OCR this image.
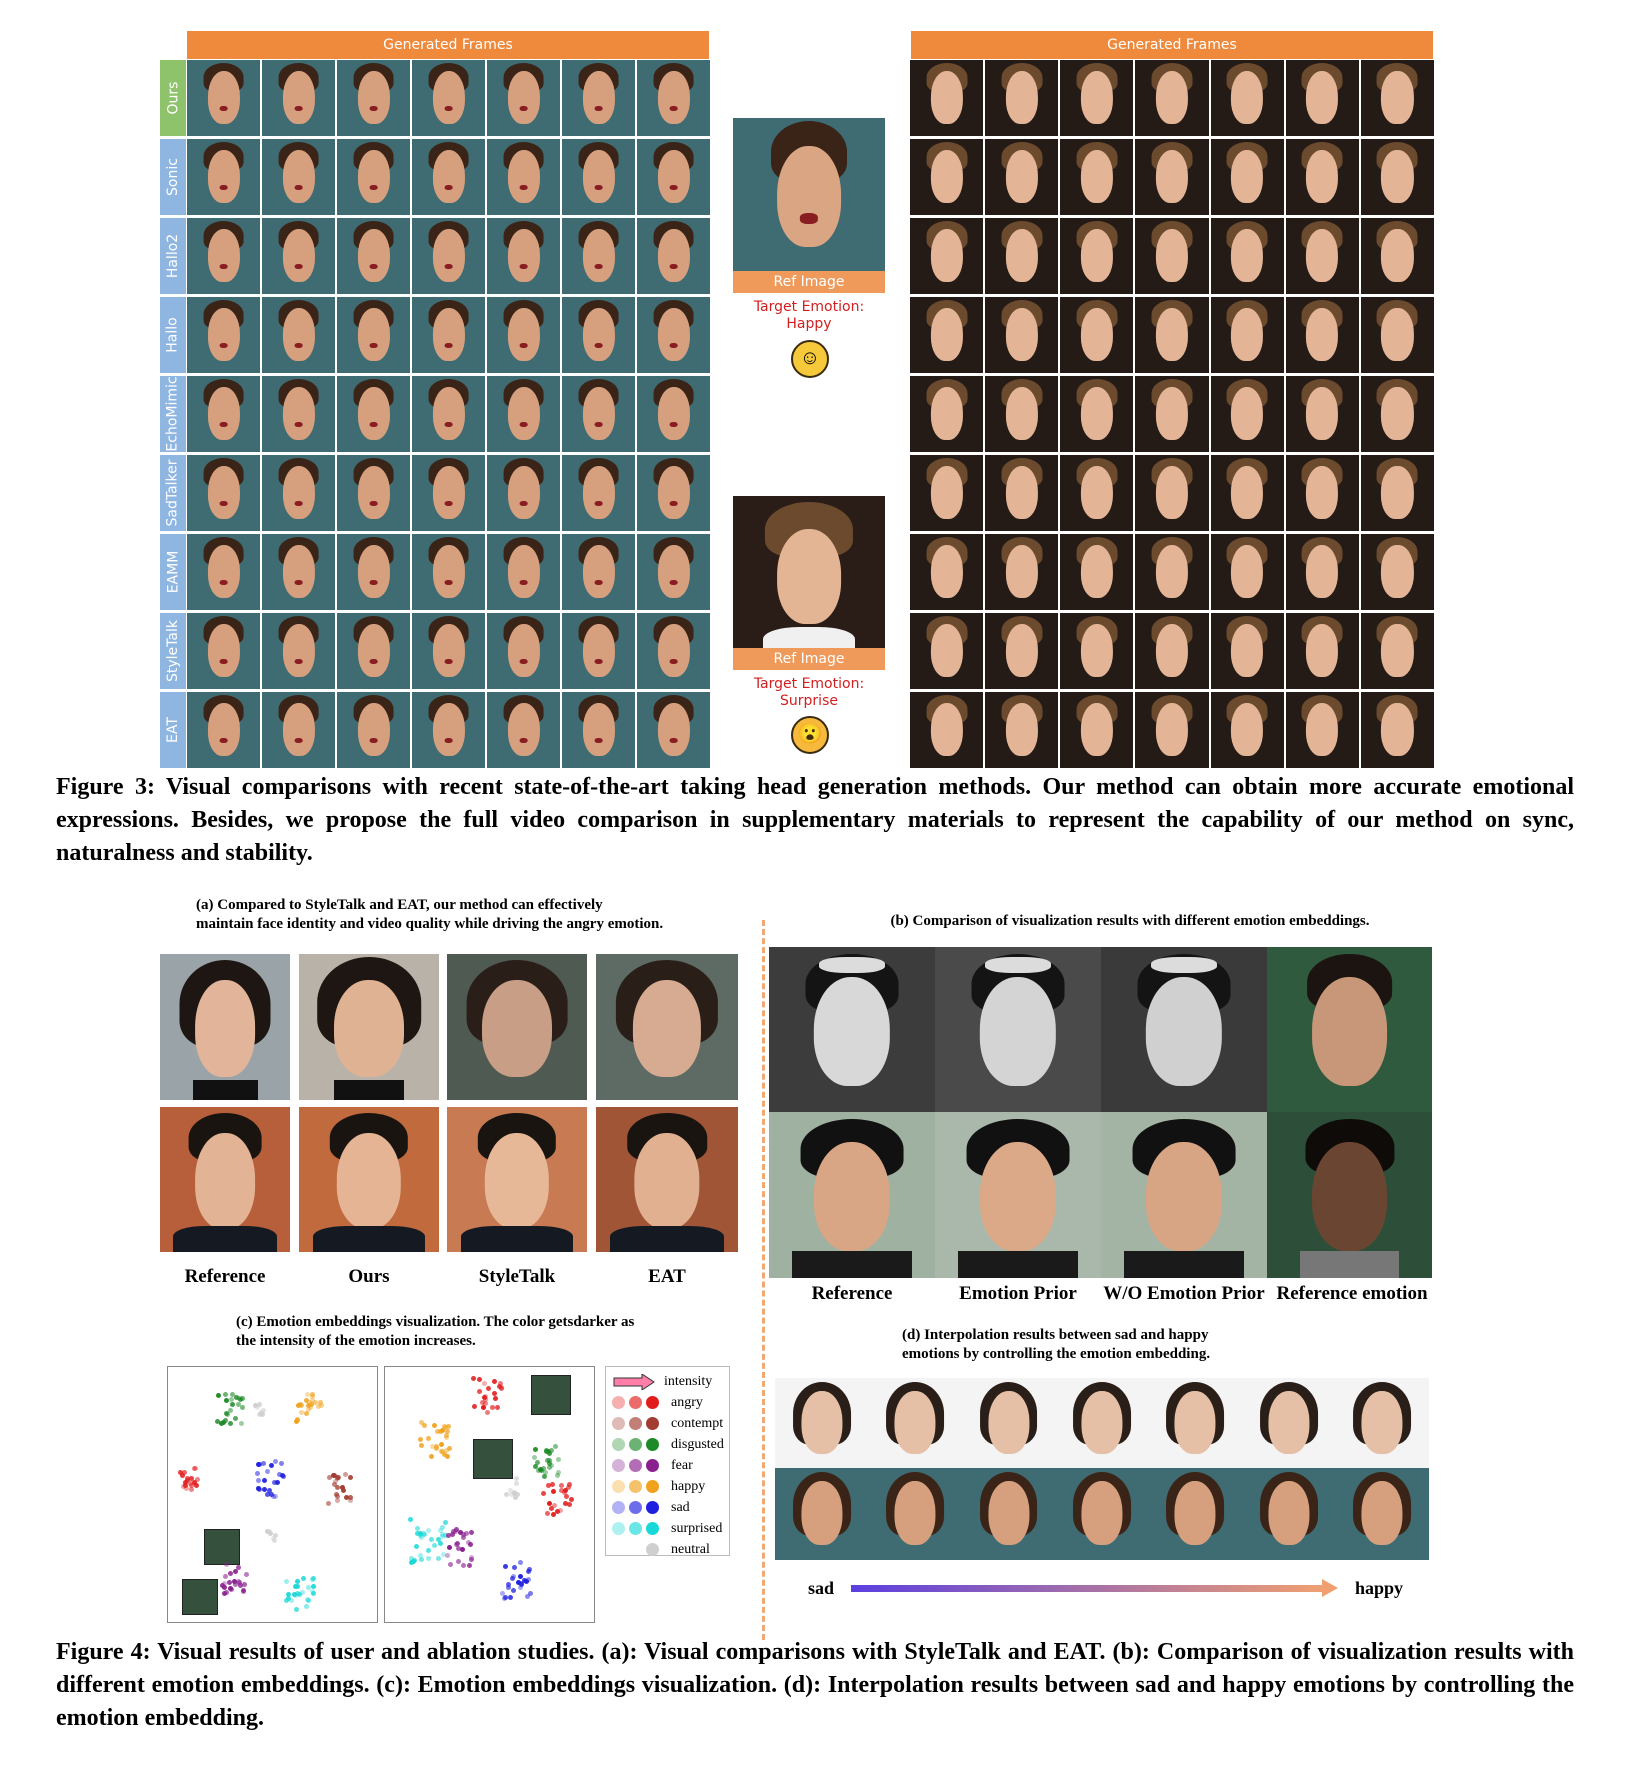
Generated Frames	Generated Frames
Ours
Sonic
Hallo2
Hallo
EchoMimic
SadTalker
EAMM
StyleTalk
EAT
Ref Image
Target Emotion:
Happy
☺
Ref Image
Target Emotion:
Surprise
😮
Figure 3: Visual comparisons with recent state-of-the-art taking head generation methods. Our method can obtain more accurate emotional expressions. Besides, we propose the full video comparison in supplementary materials to represent the capability of our method on sync, naturalness and stability.
(a) Compared to StyleTalk and EAT, our method can effectively
maintain face identity and video quality while driving the angry emotion.
Reference	Ours	StyleTalk	EAT
(b) Comparison of visualization results with different emotion embeddings.
Reference	Emotion Prior	W/O Emotion Prior Reference emotion
(c) Emotion embeddings visualization. The color getsdarker as
the intensity of the emotion increases.
intensity
angry
contempt
disgusted
fear
happy
sad
surprised
neutral
(d) Interpolation results between sad and happy
emotions by controlling the emotion embedding.
sad	happy
Figure 4: Visual results of user and ablation studies. (a): Visual comparisons with StyleTalk and EAT. (b): Comparison of visualization results with different emotion embeddings. (c): Emotion embeddings visualization. (d): Interpolation results between sad and happy emotions by controlling the emotion embedding.
